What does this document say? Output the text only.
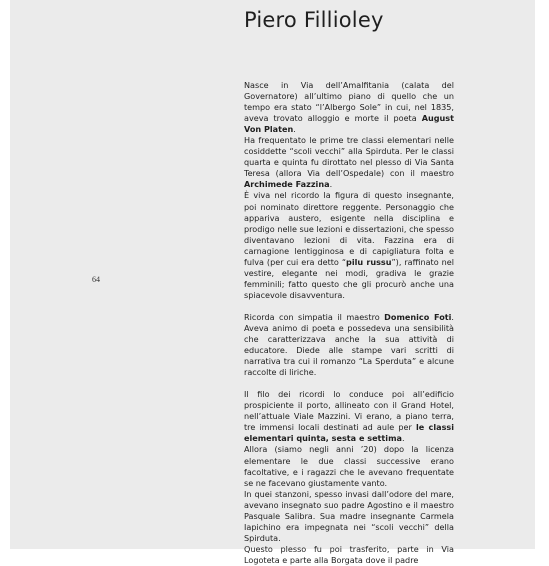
Piero Fillioley
64

Nasce in Via dell’Amalfitania (calata del Governatore) all’ultimo piano di quello che un tempo era stato “l’Albergo Sole” in cui, nel 1835, aveva trovato alloggio e morte il poeta August Von Platen.

Ha frequentato le prime tre classi elementari nelle cosiddette “scoli vecchi” alla Spirduta. Per le classi quarta e quinta fu dirottato nel plesso di Via Santa Teresa (allora Via dell’Ospedale) con il maestro Archimede Fazzina.

È viva nel ricordo la figura di questo insegnante, poi nominato direttore reggente. Personaggio che appariva austero, esigente nella disciplina e prodigo nelle sue lezioni e dissertazioni, che spesso diventavano lezioni di vita. Fazzina era di carnagione lentigginosa e di capigliatura folta e fulva (per cui era detto “pilu russu”), raffinato nel vestire, elegante nei modi, gradiva le grazie femminili; fatto questo che gli procurò anche una spiacevole disavventura.

Ricorda con simpatia il maestro Domenico Foti. Aveva animo di poeta e possedeva una sensibilità che caratterizzava anche la sua attività di educatore. Diede alle stampe vari scritti di narrativa tra cui il romanzo “La Sperduta” e alcune raccolte di liriche.

Il filo dei ricordi lo conduce poi all’edificio prospiciente il porto, allineato con il Grand Hotel, nell’attuale Viale Mazzini. Vi erano, a piano terra, tre immensi locali destinati ad aule per le classi elementari quinta, sesta e settima.

Allora (siamo negli anni ’20) dopo la licenza elementare le due classi successive erano facoltative, e i ragazzi che le avevano frequentate se ne facevano giustamente vanto.

In quei stanzoni, spesso invasi dall’odore del mare, avevano insegnato suo padre Agostino e il maestro Pasquale Salibra. Sua madre insegnante Carmela Iapichino era impegnata nei “scoli vecchi” della Spirduta.

Questo plesso fu poi trasferito, parte in Via Logoteta e parte alla Borgata dove il padre
